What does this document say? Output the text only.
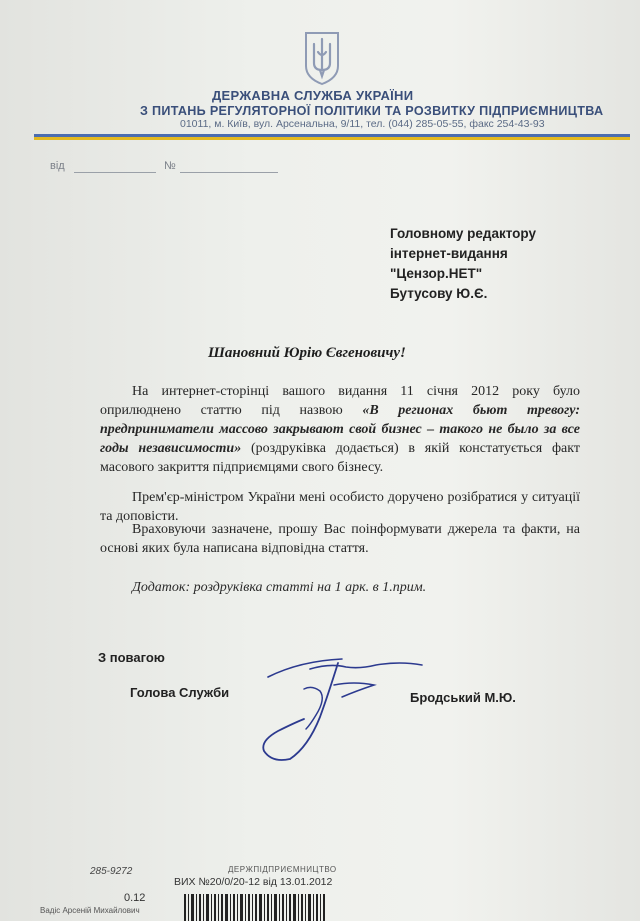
ДЕРЖАВНА СЛУЖБА УКРАЇНИ
З ПИТАНЬ РЕГУЛЯТОРНОЇ ПОЛІТИКИ ТА РОЗВИТКУ ПІДПРИЄМНИЦТВА
01011, м. Київ, вул. Арсенальна, 9/11, тел. (044) 285-05-55, факс 254-43-93
від	№
Головному редактору
інтернет-видання
"Цензор.НЕТ"
Бутусову Ю.Є.
Шановний Юрію Євгеновичу!

На интернет-сторінці вашого видання 11 січня 2012 року було оприлюднено статтю під назвою «В регионах бьют тревогу: предприниматели массово закрывают свой бизнес – такого не было за все годы независимости» (роздруківка додається) в якій констатується факт масового закриття підприємцями свого бізнесу.

Прем'єр-міністром України мені особисто доручено розібратися у ситуації та доповісти.

Враховуючи зазначене, прошу Вас поінформувати джерела та факти, на основі яких була написана відповідна стаття.

Додаток: роздруківка статті на 1 арк. в 1.прим.
З повагою
Голова Служби	Бродський М.Ю.
285-9272	ДЕРЖПІДПРИЄМНИЦТВО
ВИХ №20/0/20-12 від 13.01.2012
0.12
Вадіс Арсеній Михайлович
